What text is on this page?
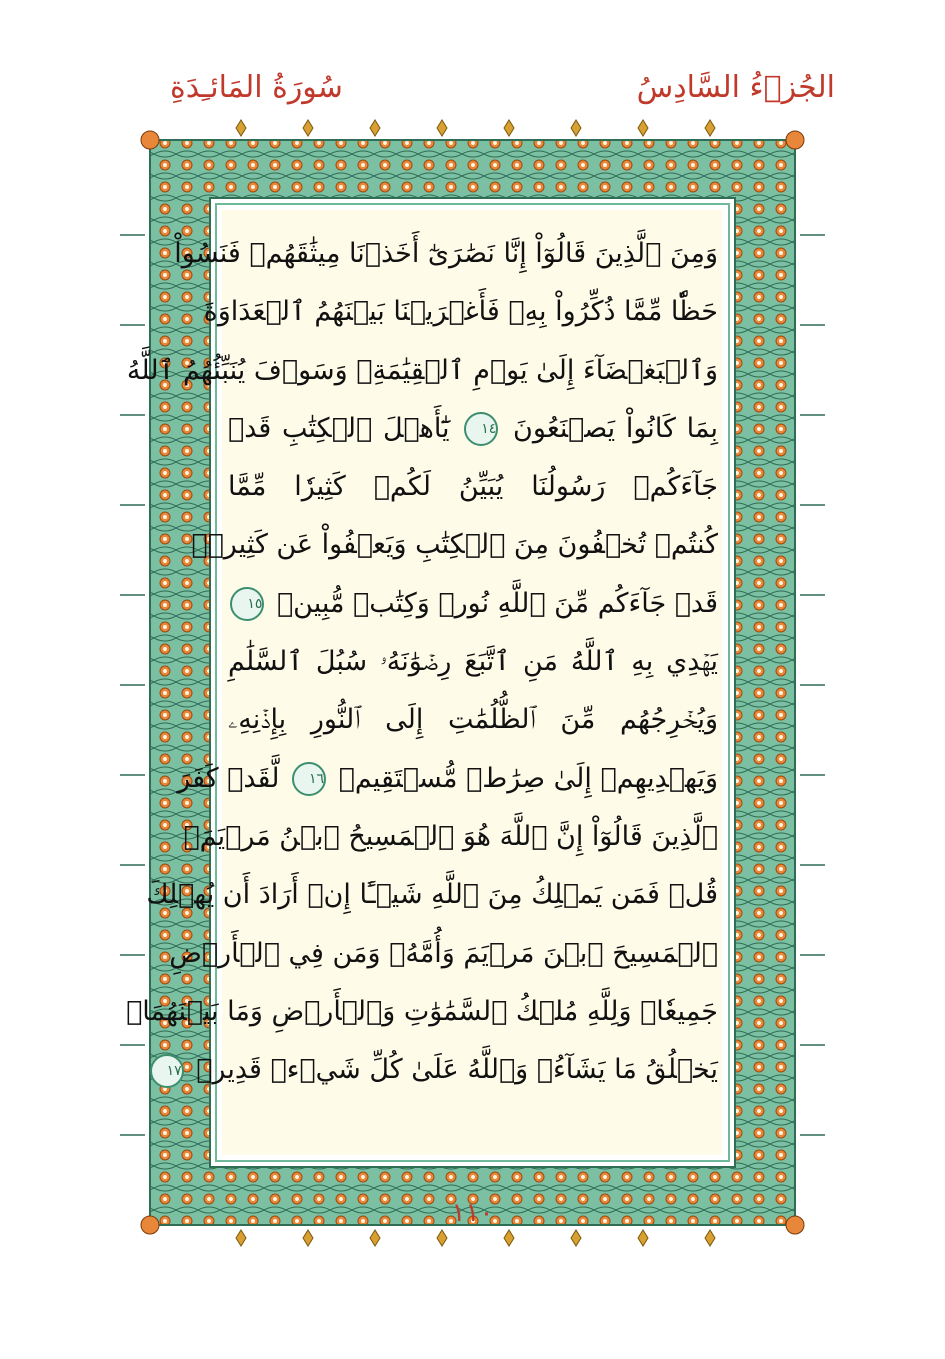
الجُزۡءُ السَّادِسُ
سُورَةُ المَائـِدَةِ
وَمِنَ ٱلَّذِينَ قَالُوٓاْ إِنَّا نَصَٰرَىٰٓ أَخَذۡنَا مِيثَٰقَهُمۡ فَنَسُواْ
حَظّٗا مِّمَّا ذُكِّرُواْ بِهِۦ فَأَغۡرَيۡنَا بَيۡنَهُمُ ٱلۡعَدَاوَةَ
وَٱلۡبَغۡضَآءَ إِلَىٰ يَوۡمِ ٱلۡقِيَٰمَةِۚ وَسَوۡفَ يُنَبِّئُهُمُ ٱللَّهُ
بِمَا كَانُواْ يَصۡنَعُونَ ١٤ يَٰٓأَهۡلَ ٱلۡكِتَٰبِ قَدۡ
جَآءَكُمۡ رَسُولُنَا يُبَيِّنُ لَكُمۡ كَثِيرٗا مِّمَّا
كُنتُمۡ تُخۡفُونَ مِنَ ٱلۡكِتَٰبِ وَيَعۡفُواْ عَن كَثِيرٖۚ
قَدۡ جَآءَكُم مِّنَ ٱللَّهِ نُورٞ وَكِتَٰبٞ مُّبِينٞ ١٥
يَهۡدِي بِهِ ٱللَّهُ مَنِ ٱتَّبَعَ رِضۡوَٰنَهُۥ سُبُلَ ٱلسَّلَٰمِ
وَيُخۡرِجُهُم مِّنَ ٱلظُّلُمَٰتِ إِلَى ٱلنُّورِ بِإِذۡنِهِۦ
وَيَهۡدِيهِمۡ إِلَىٰ صِرَٰطٖ مُّسۡتَقِيمٖ ١٦ لَّقَدۡ كَفَرَ
ٱلَّذِينَ قَالُوٓاْ إِنَّ ٱللَّهَ هُوَ ٱلۡمَسِيحُ ٱبۡنُ مَرۡيَمَۚ
قُلۡ فَمَن يَمۡلِكُ مِنَ ٱللَّهِ شَيۡـًٔا إِنۡ أَرَادَ أَن يُهۡلِكَ
ٱلۡمَسِيحَ ٱبۡنَ مَرۡيَمَ وَأُمَّهُۥ وَمَن فِي ٱلۡأَرۡضِ
جَمِيعٗاۗ وَلِلَّهِ مُلۡكُ ٱلسَّمَٰوَٰتِ وَٱلۡأَرۡضِ وَمَا بَيۡنَهُمَاۚ
يَخۡلُقُ مَا يَشَآءُۚ وَٱللَّهُ عَلَىٰ كُلِّ شَيۡءٖ قَدِيرٞ ١٧
١١٠
